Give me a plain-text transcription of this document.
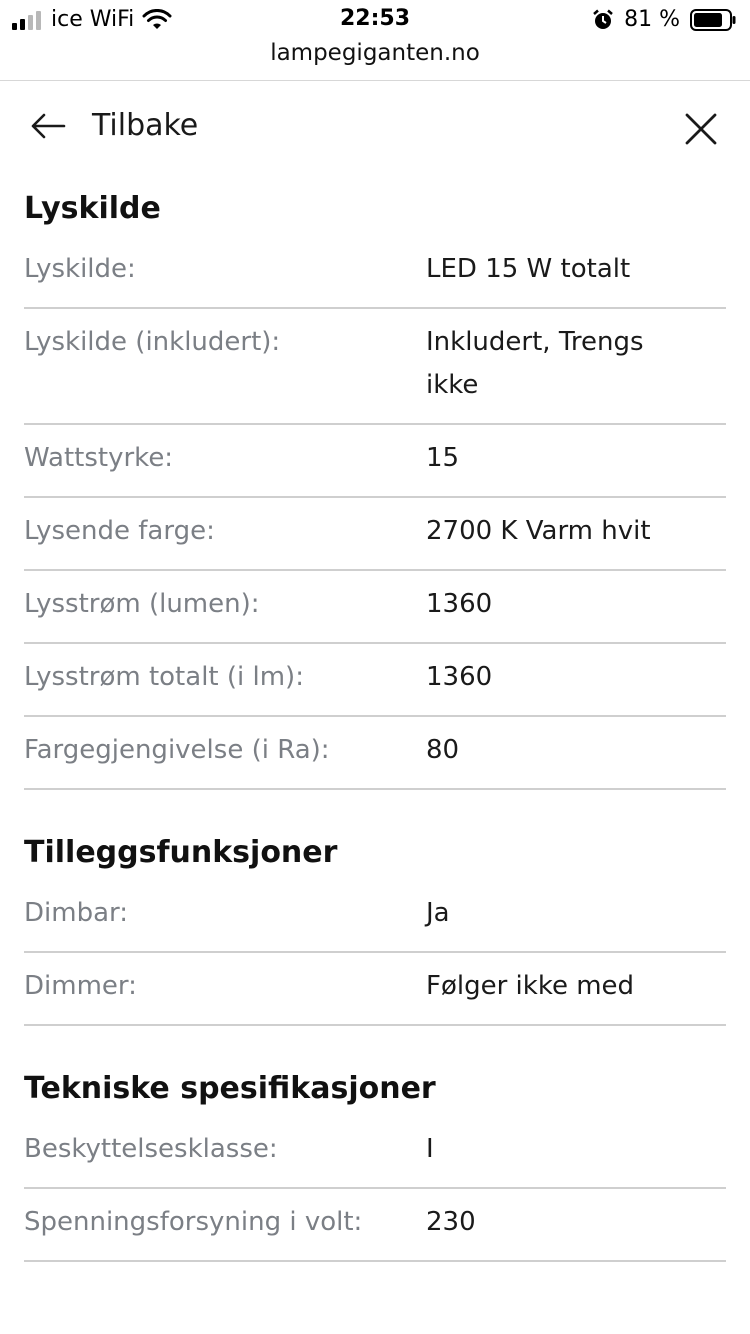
ice WiFi	22:53	81 %
lampegiganten.no
Tilbake
Lyskilde
Lyskilde:	LED 15 W totalt
Lyskilde (inkludert):	Inkludert, Trengs ikke
Wattstyrke:	15
Lysende farge:	2700 K Varm hvit
Lysstrøm (lumen):	1360
Lysstrøm totalt (i lm):	1360
Fargegjengivelse (i Ra):	80
Tilleggsfunksjoner
Dimbar:	Ja
Dimmer:	Følger ikke med
Tekniske spesifikasjoner
Beskyttelsesklasse:	I
Spenningsforsyning i volt:	230
